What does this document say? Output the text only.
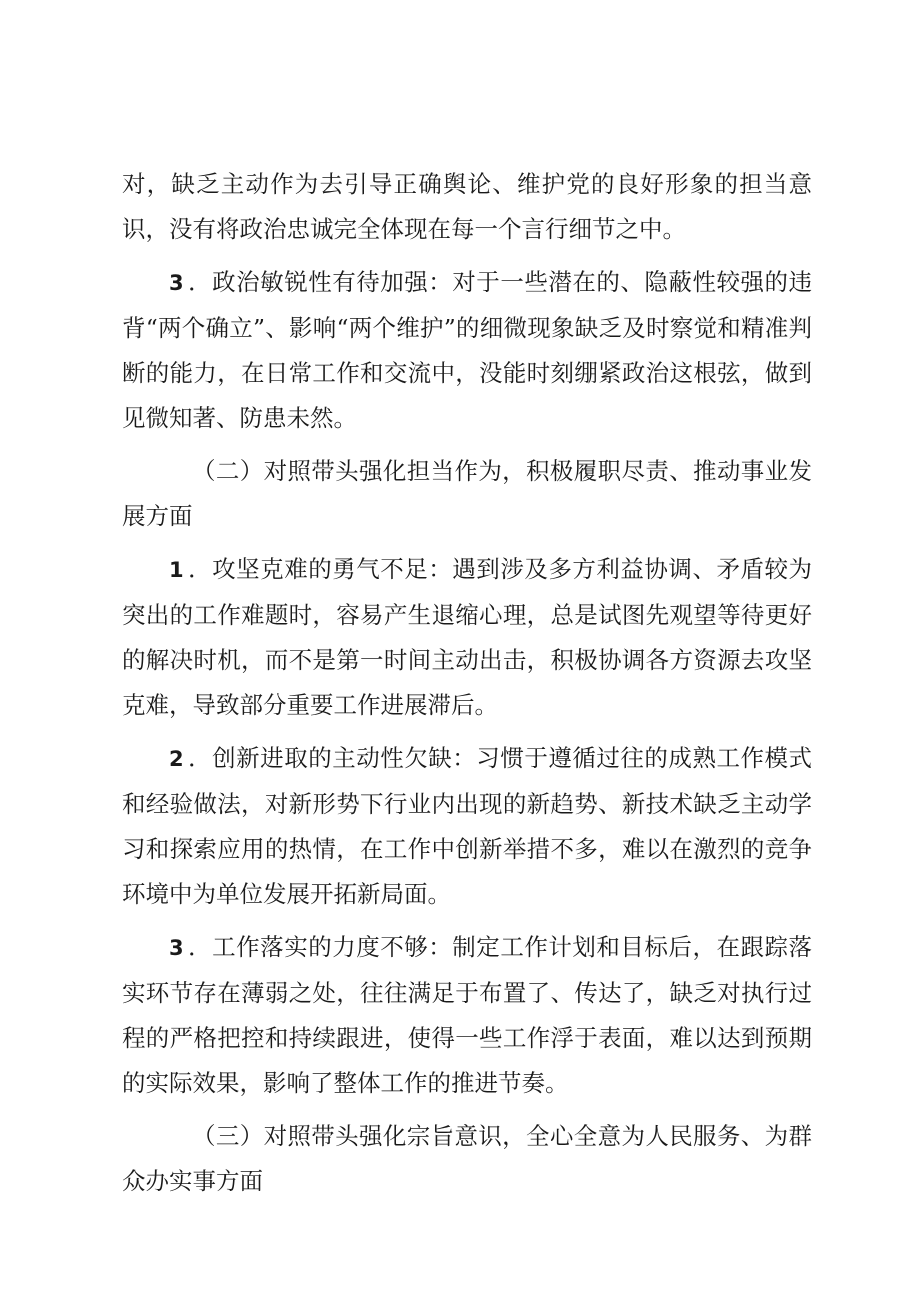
对，缺乏主动作为去引导正确舆论、维护党的良好形象的担当意识，没有将政治忠诚完全体现在每一个言行细节之中。

3 ．政治敏锐性有待加强：对于一些潜在的、隐蔽性较强的违背“两个确立”、影响“两个维护”的细微现象缺乏及时察觉和精准判断的能力，在日常工作和交流中，没能时刻绷紧政治这根弦，做到见微知著、防患未然。

（二）对照带头强化担当作为，积极履职尽责、推动事业发展方面

1 ．攻坚克难的勇气不足：遇到涉及多方利益协调、矛盾较为突出的工作难题时，容易产生退缩心理，总是试图先观望等待更好的解决时机，而不是第一时间主动出击，积极协调各方资源去攻坚克难，导致部分重要工作进展滞后。

2 ．创新进取的主动性欠缺：习惯于遵循过往的成熟工作模式和经验做法，对新形势下行业内出现的新趋势、新技术缺乏主动学习和探索应用的热情，在工作中创新举措不多，难以在激烈的竞争环境中为单位发展开拓新局面。

3 ．工作落实的力度不够：制定工作计划和目标后，在跟踪落实环节存在薄弱之处，往往满足于布置了、传达了，缺乏对执行过程的严格把控和持续跟进，使得一些工作浮于表面，难以达到预期的实际效果，影响了整体工作的推进节奏。

（三）对照带头强化宗旨意识，全心全意为人民服务、为群众办实事方面
